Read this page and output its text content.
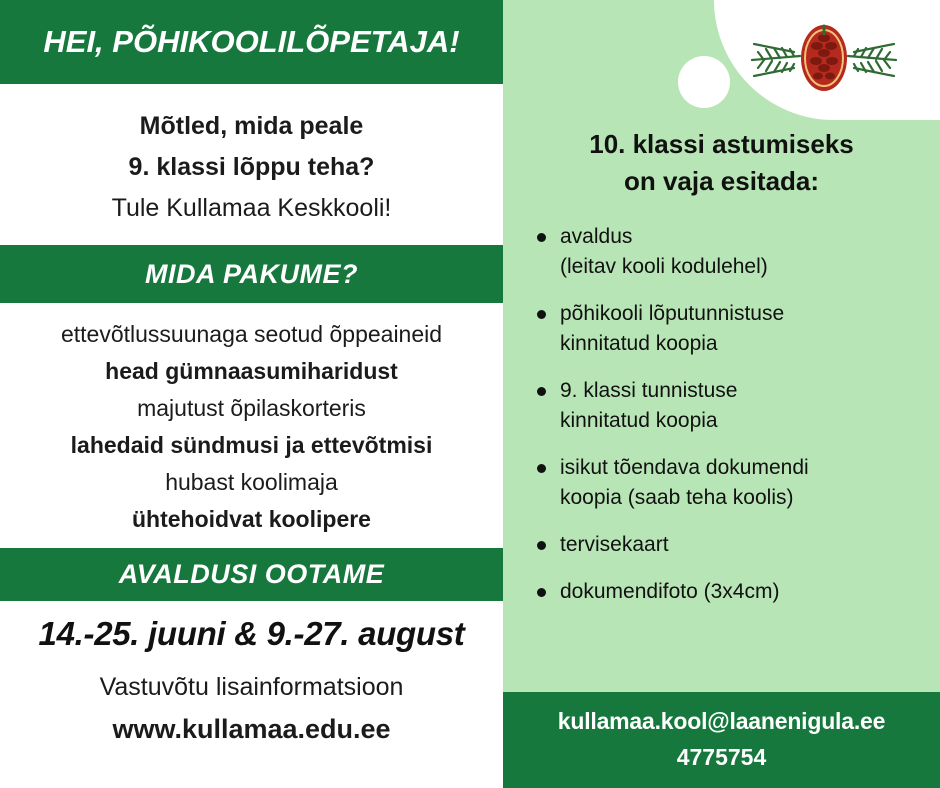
HEI, PÕHIKOOLILÕPETAJA!
Mõtled, mida peale
9. klassi lõppu teha?
Tule Kullamaa Keskkooli!
MIDA PAKUME?
ettevõtlussuunaga seotud õppeaineid
head gümnaasumiharidust
majutust õpilaskorteris
lahedaid sündmusi ja ettevõtmisi
hubast koolimaja
ühtehoidvat koolipere
AVALDUSI OOTAME
14.-25. juuni & 9.-27. august
Vastuvõtu lisainformatsioon
www.kullamaa.edu.ee
10. klassi astumiseks
on vaja esitada:
avaldus
(leitav kooli kodulehel)
põhikooli lõputunnistuse
kinnitatud koopia
9. klassi tunnistuse
kinnitatud koopia
isikut tõendava dokumendi
koopia (saab teha koolis)
tervisekaart
dokumendifoto (3x4cm)
kullamaa.kool@laanenigula.ee
4775754
